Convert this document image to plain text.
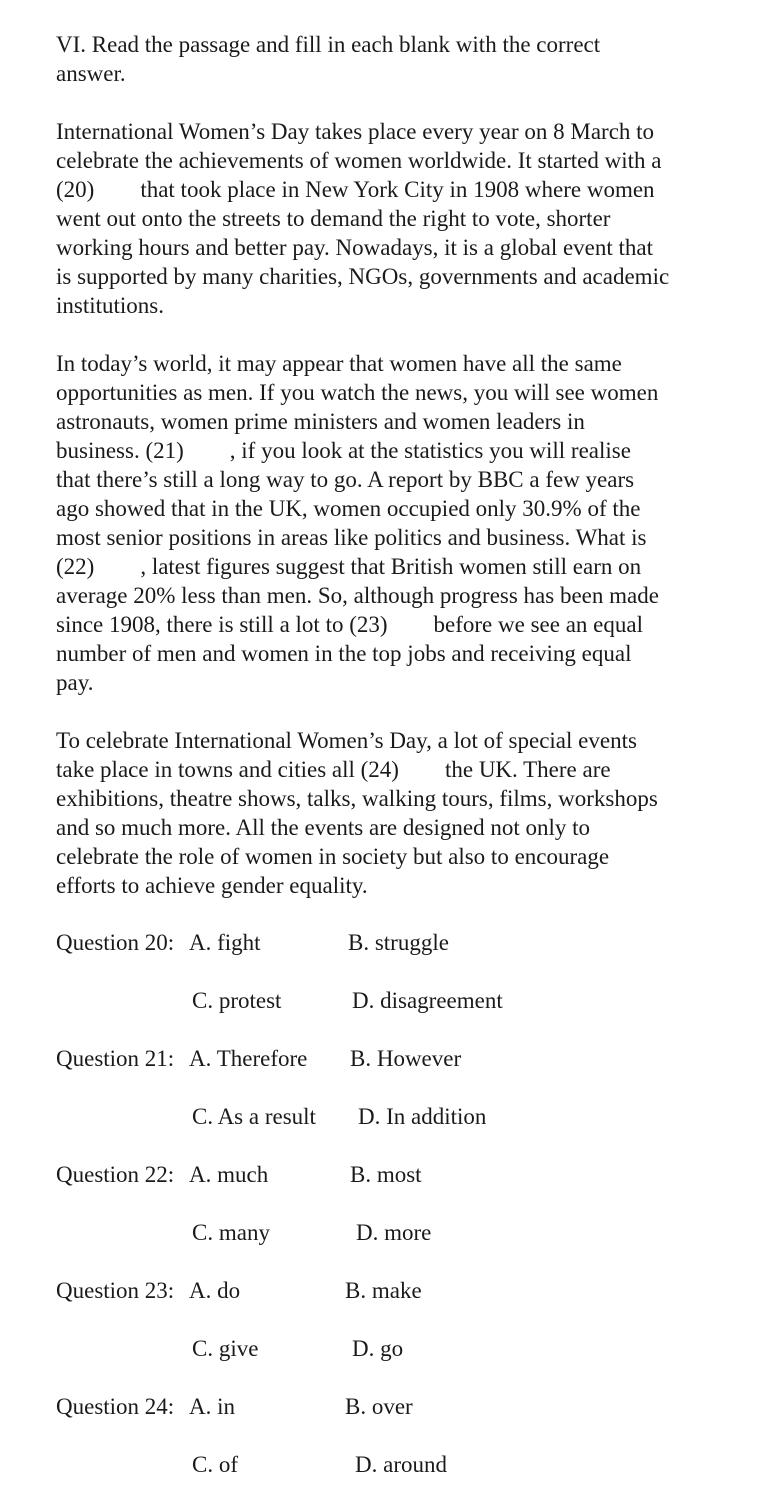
VI. Read the passage and fill in each blank with the correct
answer.
International Women’s Day takes place every year on 8 March to
celebrate the achievements of women worldwide. It started with a
(20)        that took place in New York City in 1908 where women
went out onto the streets to demand the right to vote, shorter
working hours and better pay. Nowadays, it is a global event that
is supported by many charities, NGOs, governments and academic
institutions.
In today’s world, it may appear that women have all the same
opportunities as men. If you watch the news, you will see women
astronauts, women prime ministers and women leaders in
business. (21)        , if you look at the statistics you will realise
that there’s still a long way to go. A report by BBC a few years
ago showed that in the UK, women occupied only 30.9% of the
most senior positions in areas like politics and business. What is
(22)        , latest figures suggest that British women still earn on
average 20% less than men. So, although progress has been made
since 1908, there is still a lot to (23)        before we see an equal
number of men and women in the top jobs and receiving equal
pay.
To celebrate International Women’s Day, a lot of special events
take place in towns and cities all (24)        the UK. There are
exhibitions, theatre shows, talks, walking tours, films, workshops
and so much more. All the events are designed not only to
celebrate the role of women in society but also to encourage
efforts to achieve gender equality.
Question 20: A. fight	B. struggle
C. protest	D. disagreement
Question 21: A. Therefore B. However
C. As a result D. In addition
Question 22: A. much	B. most
C. many	D. more
Question 23: A. do	B. make
C. give	D. go
Question 24: A. in	B. over
C. of	D. around
